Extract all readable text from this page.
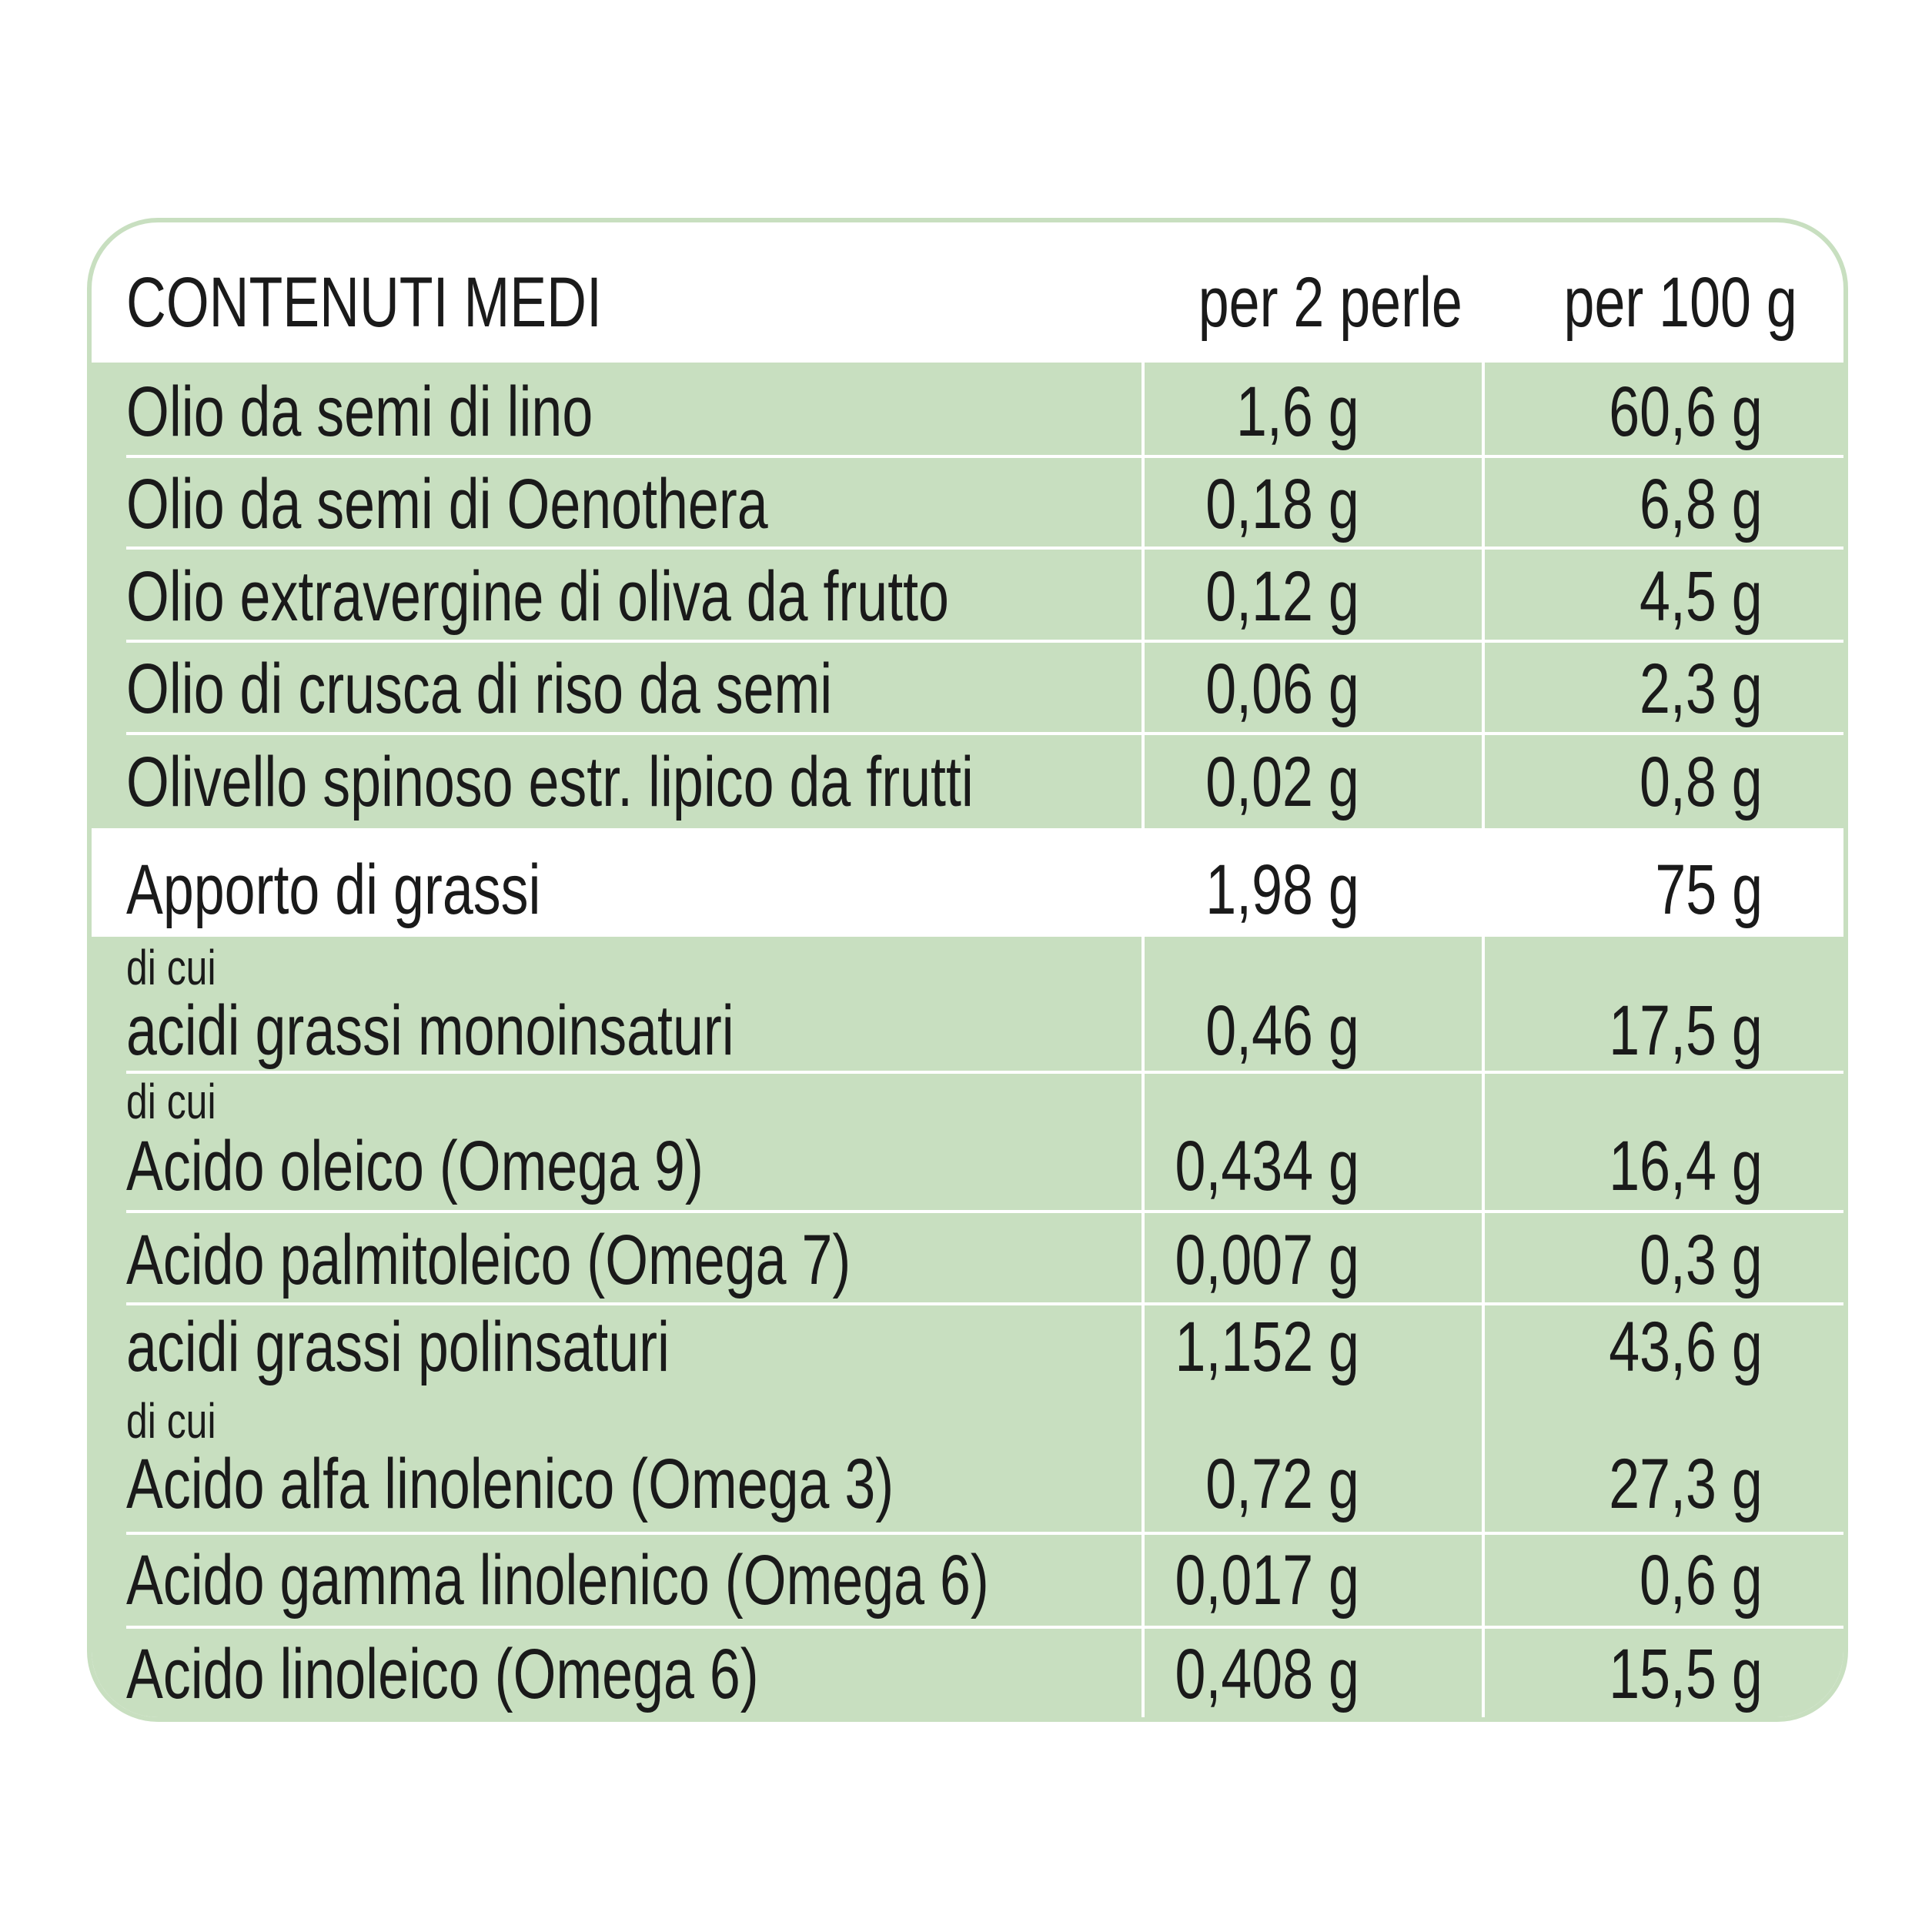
CONTENUTI MEDI	per 2 perle	per 100 g
Olio da semi di lino	1,6 g	60,6 g
Olio da semi di Oenothera	0,18 g	6,8 g
Olio extravergine di oliva da frutto	0,12 g	4,5 g
Olio di crusca di riso da semi	0,06 g	2,3 g
Olivello spinoso estr. lipico da frutti	0,02 g	0,8 g
Apporto di grassi	1,98 g	75 g
di cui
acidi grassi monoinsaturi	0,46 g	17,5 g
di cui
Acido oleico (Omega 9)	0,434 g	16,4 g
Acido palmitoleico (Omega 7)	0,007 g	0,3 g
acidi grassi polinsaturi	1,152 g	43,6 g
di cui
Acido alfa linolenico (Omega 3)	0,72 g	27,3 g
Acido gamma linolenico (Omega 6)	0,017 g	0,6 g
Acido linoleico (Omega 6)	0,408 g	15,5 g
